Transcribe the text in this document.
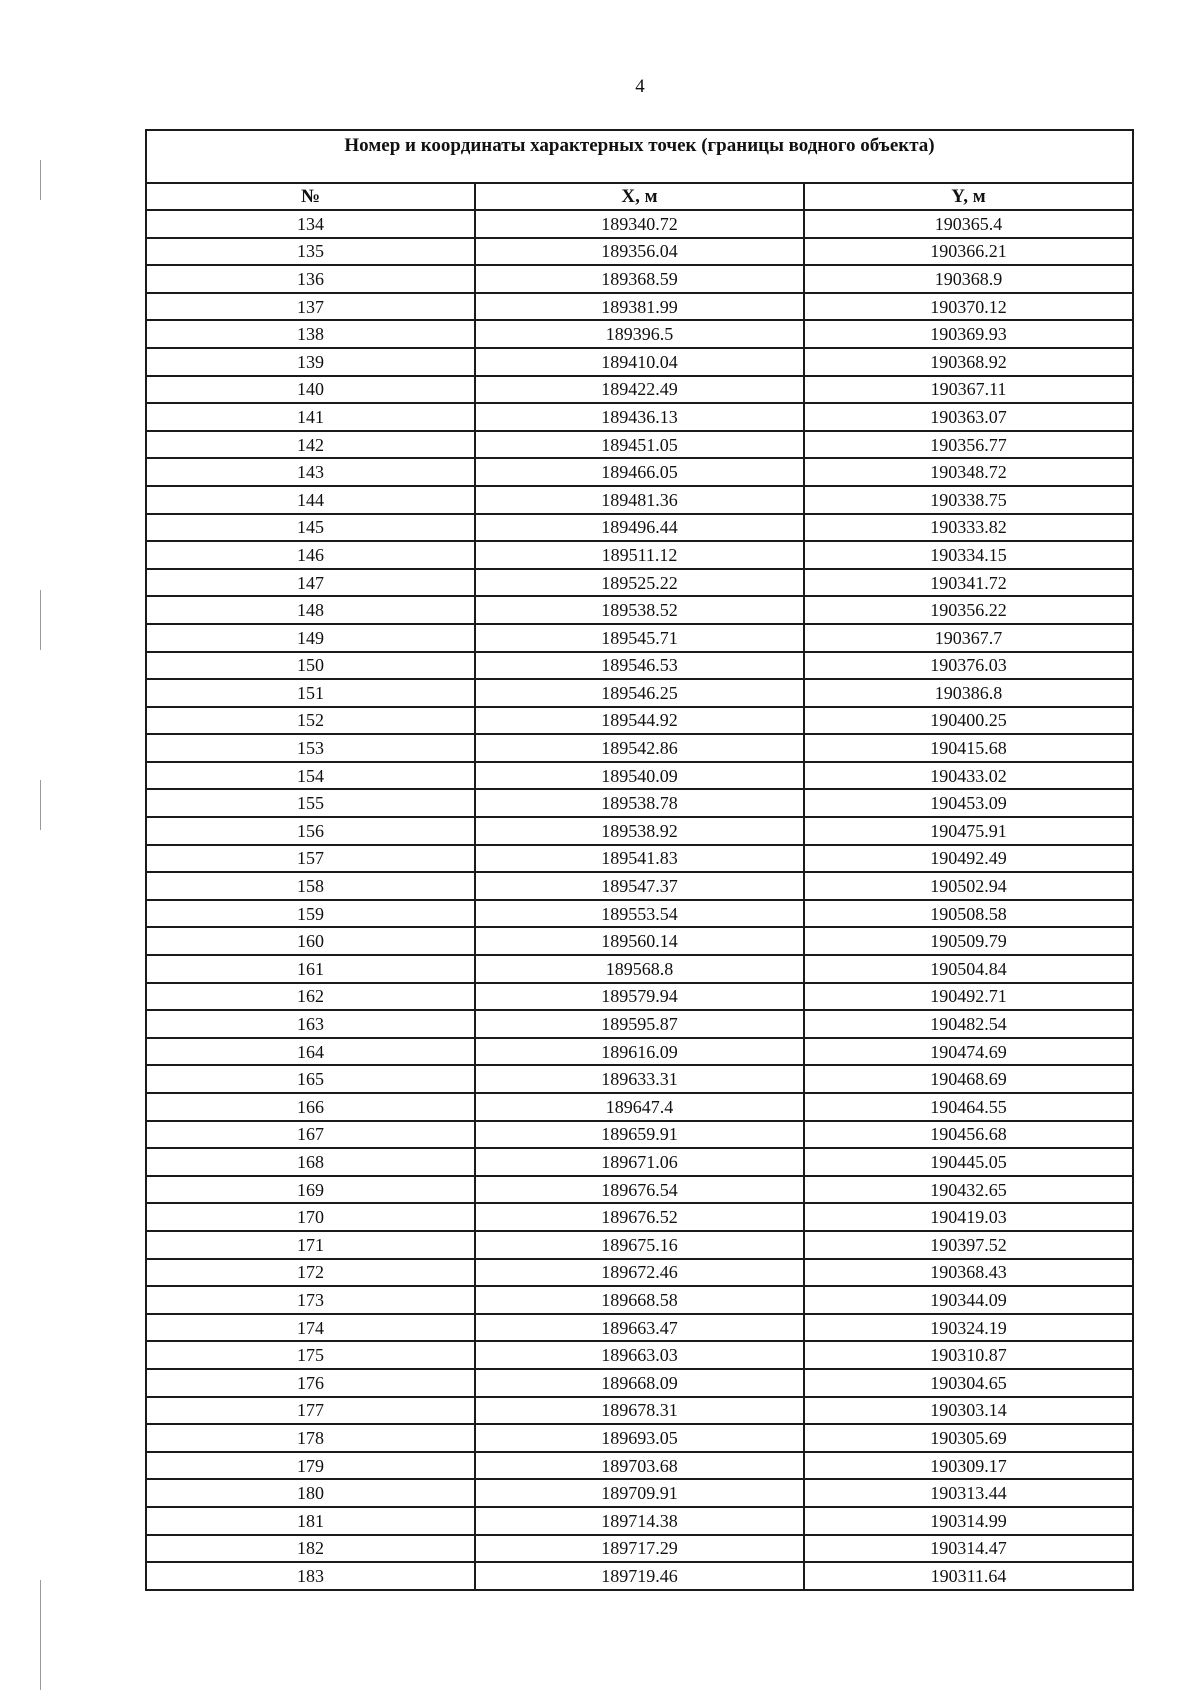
4
Номер и координаты характерных точек (границы водного объекта)		
№	X, м	Y, м
134	189340.72	190365.4
135	189356.04	190366.21
136	189368.59	190368.9
137	189381.99	190370.12
138	189396.5	190369.93
139	189410.04	190368.92
140	189422.49	190367.11
141	189436.13	190363.07
142	189451.05	190356.77
143	189466.05	190348.72
144	189481.36	190338.75
145	189496.44	190333.82
146	189511.12	190334.15
147	189525.22	190341.72
148	189538.52	190356.22
149	189545.71	190367.7
150	189546.53	190376.03
151	189546.25	190386.8
152	189544.92	190400.25
153	189542.86	190415.68
154	189540.09	190433.02
155	189538.78	190453.09
156	189538.92	190475.91
157	189541.83	190492.49
158	189547.37	190502.94
159	189553.54	190508.58
160	189560.14	190509.79
161	189568.8	190504.84
162	189579.94	190492.71
163	189595.87	190482.54
164	189616.09	190474.69
165	189633.31	190468.69
166	189647.4	190464.55
167	189659.91	190456.68
168	189671.06	190445.05
169	189676.54	190432.65
170	189676.52	190419.03
171	189675.16	190397.52
172	189672.46	190368.43
173	189668.58	190344.09
174	189663.47	190324.19
175	189663.03	190310.87
176	189668.09	190304.65
177	189678.31	190303.14
178	189693.05	190305.69
179	189703.68	190309.17
180	189709.91	190313.44
181	189714.38	190314.99
182	189717.29	190314.47
183	189719.46	190311.64
